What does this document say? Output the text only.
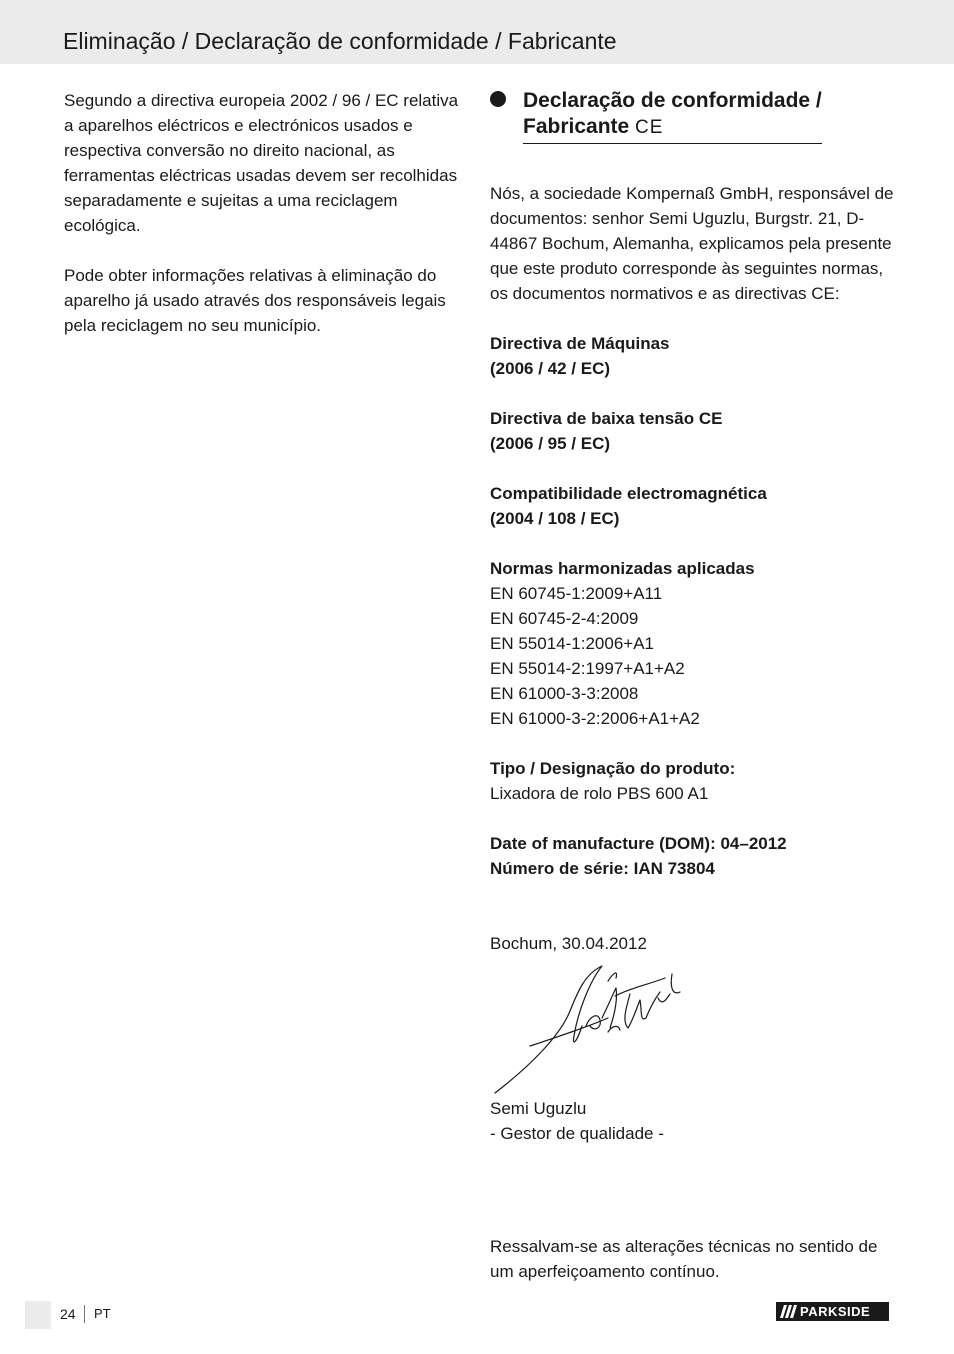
Eliminação / Declaração de conformidade / Fabricante

Segundo a directiva europeia 2002 / 96 / EC relativa a aparelhos eléctricos e electrónicos usados e respectiva conversão no direito nacional, as ferramentas eléctricas usadas devem ser recolhidas separadamente e sujeitas a uma reciclagem ecológica.

Pode obter informações relativas à eliminação do aparelho já usado através dos responsáveis legais pela reciclagem no seu município.

Declaração de conformidade /
Fabricante CE

Nós, a sociedade Kompernaß GmbH, responsável de documentos: senhor Semi Uguzlu, Burgstr. 21, D-44867 Bochum, Alemanha, explicamos pela presente que este produto corresponde às seguintes normas, os documentos normativos e as directivas CE:

Directiva de Máquinas
(2006 / 42 / EC)
Directiva de baixa tensão CE
(2006 / 95 / EC)
Compatibilidade electromagnética
(2004 / 108 / EC)
Normas harmonizadas aplicadas
EN 60745-1:2009+A11
EN 60745-2-4:2009
EN 55014-1:2006+A1
EN 55014-2:1997+A1+A2
EN 61000-3-3:2008
EN 61000-3-2:2006+A1+A2
Tipo / Designação do produto:
Lixadora de rolo PBS 600 A1
Date of manufacture (DOM): 04–2012
Número de série: IAN 73804
Bochum, 30.04.2012
Semi Uguzlu
- Gestor de qualidade -

Ressalvam-se as alterações técnicas no sentido de um aperfeiçoamento contínuo.

24 PT	PARKSIDE
